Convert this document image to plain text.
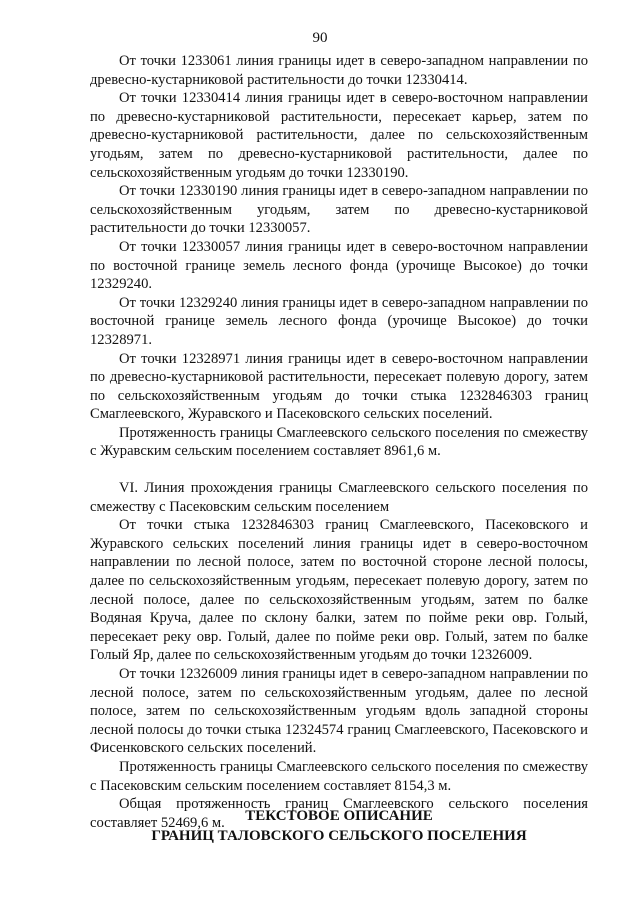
90

От точки 1233061 линия границы идет в северо-западном направлении по древесно-кустарниковой растительности до точки 12330414.

От точки 12330414 линия границы идет в северо-восточном направлении по древесно-кустарниковой растительности, пересекает карьер, затем по древесно-кустарниковой растительности, далее по сельскохозяйственным угодьям, затем по древесно-кустарниковой растительности, далее по сельскохозяйственным угодьям до точки 12330190.

От точки 12330190 линия границы идет в северо-западном направлении по сельскохозяйственным угодьям, затем по древесно-кустарниковой растительности до точки 12330057.

От точки 12330057 линия границы идет в северо-восточном направлении по восточной границе земель лесного фонда (урочище Высокое) до точки 12329240.

От точки 12329240 линия границы идет в северо-западном направлении по восточной границе земель лесного фонда (урочище Высокое) до точки 12328971.

От точки 12328971 линия границы идет в северо-восточном направлении по древесно-кустарниковой растительности, пересекает полевую дорогу, затем по сельскохозяйственным угодьям до точки стыка 1232846303 границ Смаглеевского, Журавского и Пасековского сельских поселений.

Протяженность границы Смаглеевского сельского поселения по смежеству с Журавским сельским поселением составляет 8961,6 м.

VI. Линия прохождения границы Смаглеевского сельского поселения по смежеству с Пасековским сельским поселением

От точки стыка 1232846303 границ Смаглеевского, Пасековского и Журавского сельских поселений линия границы идет в северо-восточном направлении по лесной полосе, затем по восточной стороне лесной полосы, далее по сельскохозяйственным угодьям, пересекает полевую дорогу, затем по лесной полосе, далее по сельскохозяйственным угодьям, затем по балке Водяная Круча, далее по склону балки, затем по пойме реки овр. Голый, пересекает реку овр. Голый, далее по пойме реки овр. Голый, затем по балке Голый Яр, далее по сельскохозяйственным угодьям до точки 12326009.

От точки 12326009 линия границы идет в северо-западном направлении по лесной полосе, затем по сельскохозяйственным угодьям, далее по лесной полосе, затем по сельскохозяйственным угодьям вдоль западной стороны лесной полосы до точки стыка 12324574 границ Смаглеевского, Пасековского и Фисенковского сельских поселений.

Протяженность границы Смаглеевского сельского поселения по смежеству с Пасековским сельским поселением составляет 8154,3 м.

Общая протяженность границ Смаглеевского сельского поселения составляет 52469,6 м.	ТЕКСТОВОЕ ОПИСАНИЕ
ГРАНИЦ ТАЛОВСКОГО СЕЛЬСКОГО ПОСЕЛЕНИЯ
